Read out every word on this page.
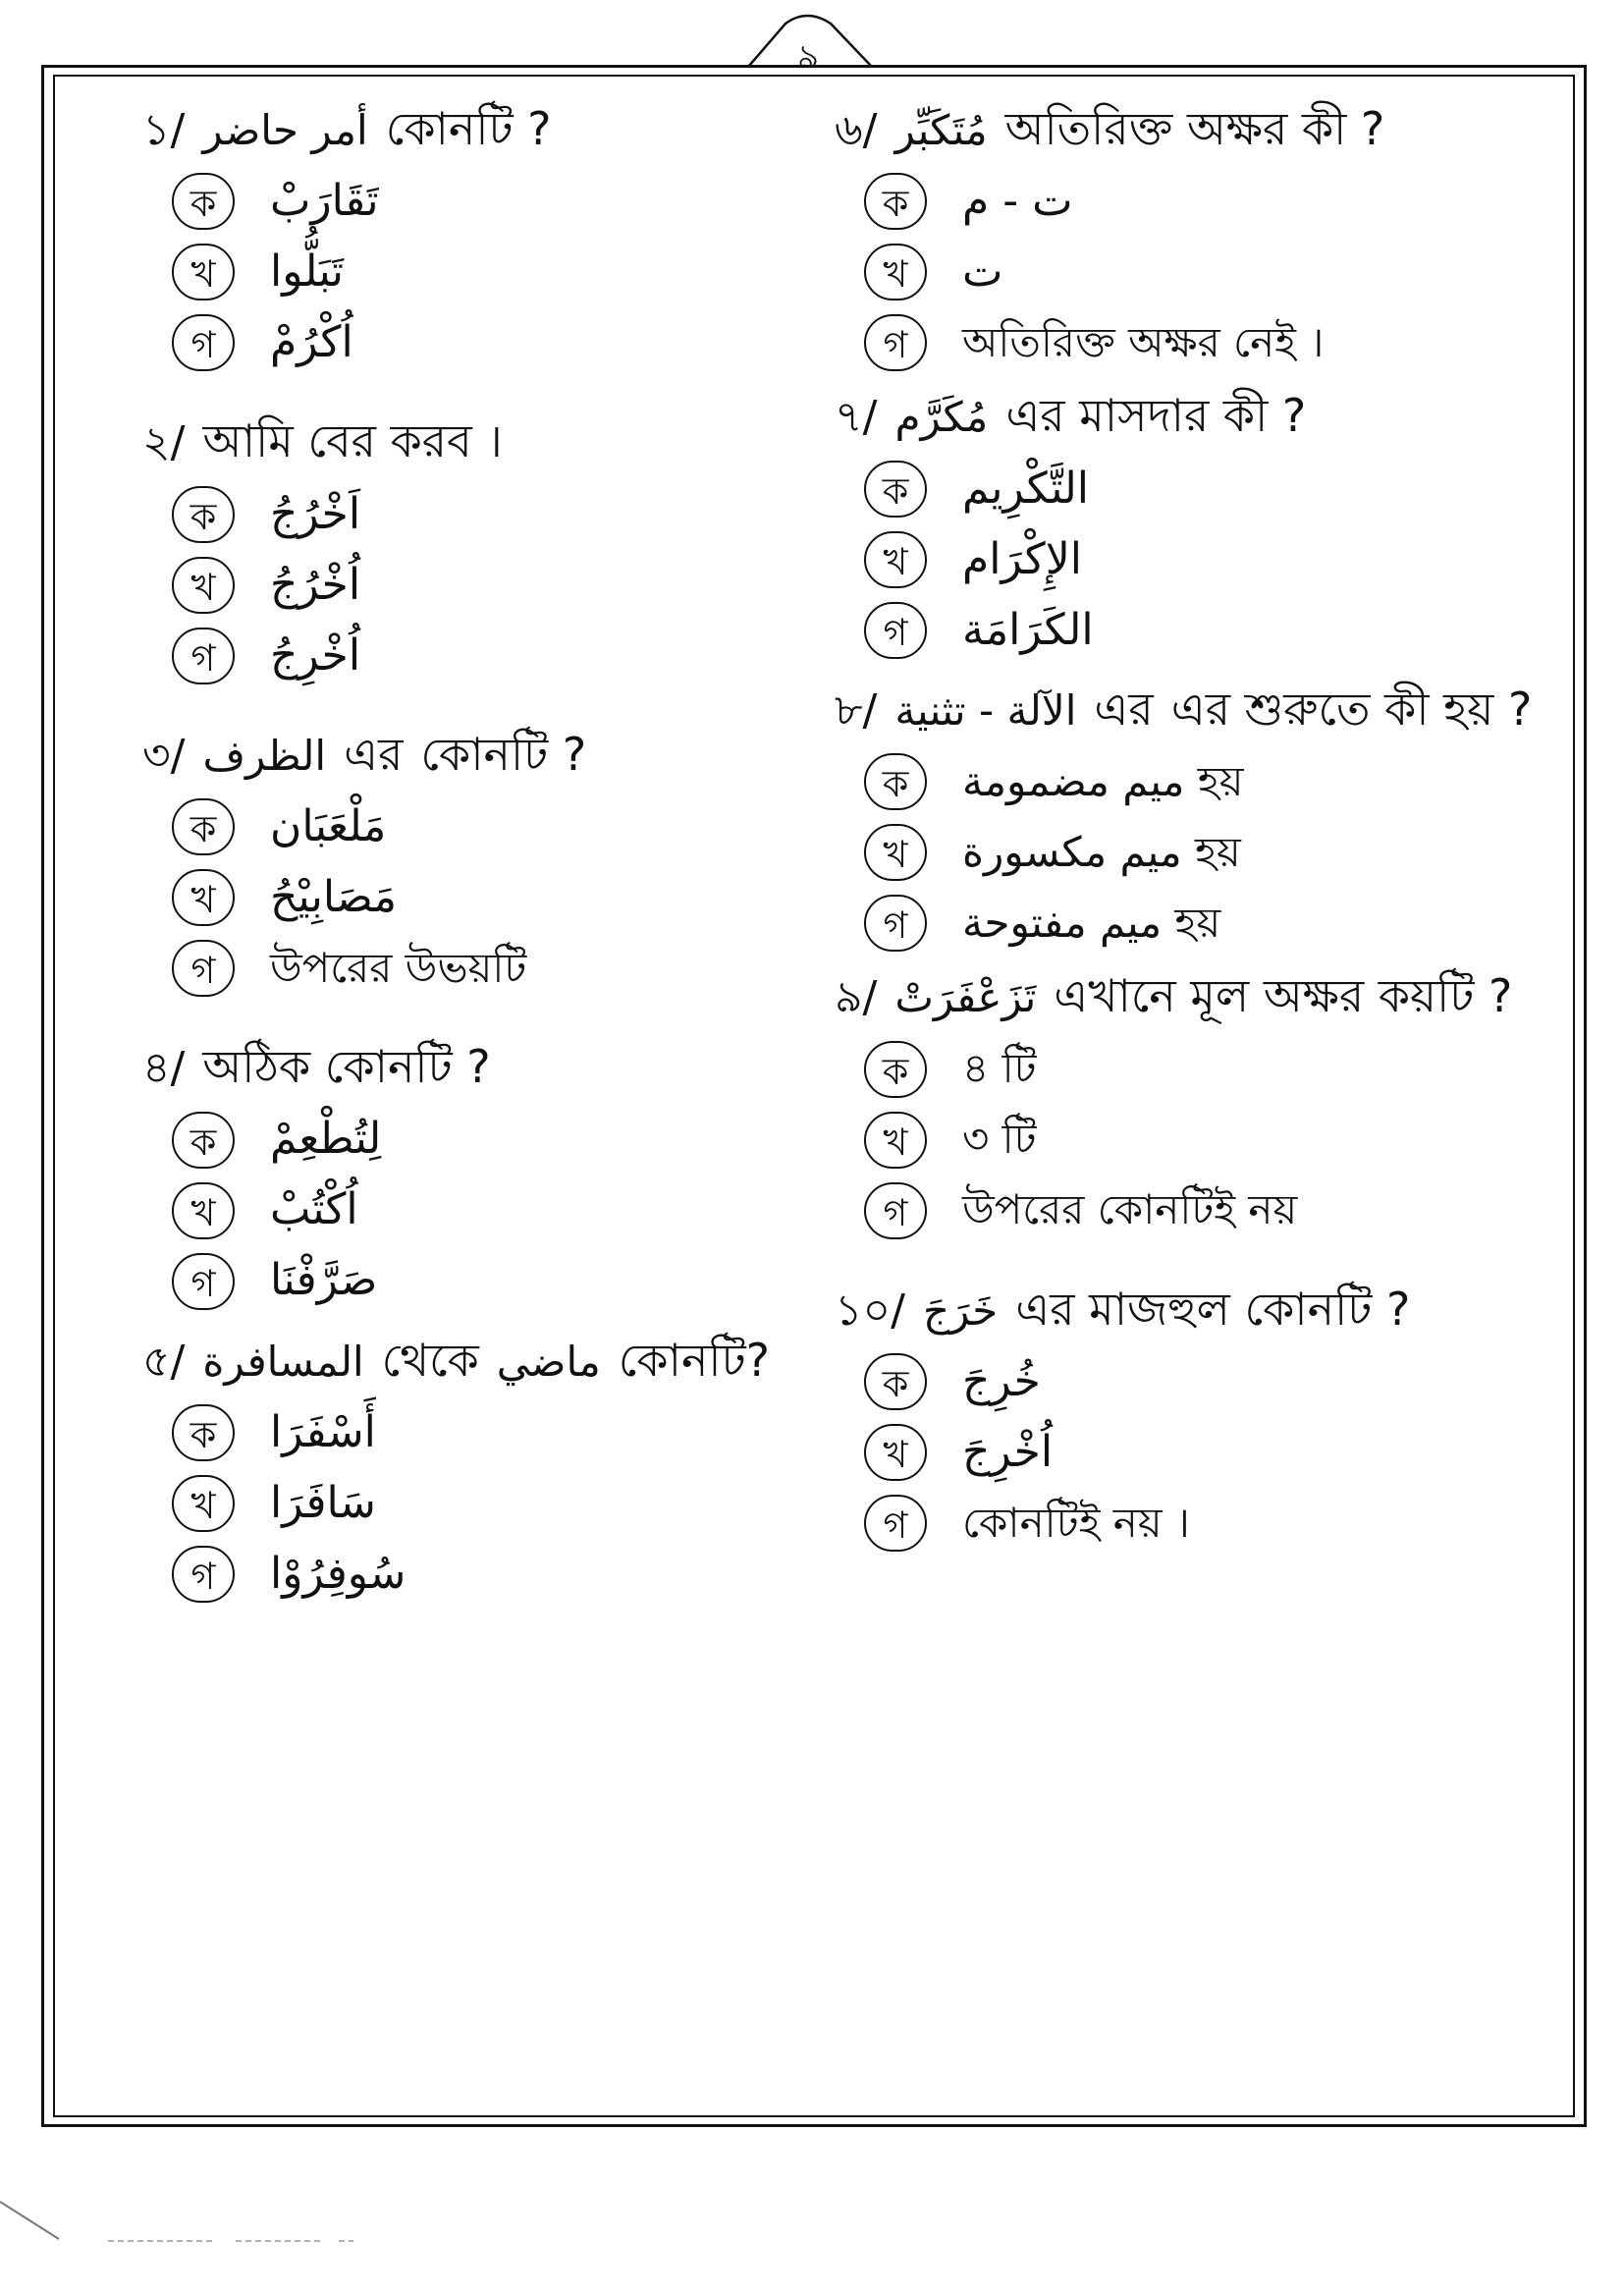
৯
১/ أمر حاضر কোনটি ?
ক	تَقَارَبْ
খ	تَبَلُّوا
গ	اُكْرُمْ
২/ আমি বের করব ।
ক	اَخْرُجُ
খ	اُخْرُجُ
গ	اُخْرِجُ
৩/ الظرف এর কোনটি ?
ক	مَلْعَبَان
খ	مَصَابِيْحُ
গ	উপরের উভয়টি
৪/ অঠিক কোনটি ?
ক	لِتُطْعِمْ
খ	اُكْتُبْ
গ	صَرَّفْنَا
৫/ المسافرة থেকে ماضي কোনটি?
ক	أَسْفَرَا
খ	سَافَرَا
গ	سُوفِرُوْا
৬/ مُتَكَبِّر অতিরিক্ত অক্ষর কী ?
ক	ت - م
খ	ت
গ	অতিরিক্ত অক্ষর নেই ।
৭/ مُكَرَّم এর মাসদার কী ?
ক	التَّكْرِيم
খ	الإِكْرَام
গ	الكَرَامَة
৮/ الآلة - تثنية এর এর শুরুতে কী হয় ?
ক	ميم مضمومة হয়
খ	ميم مكسورة হয়
গ	ميم مفتوحة হয়
৯/ تَزَعْفَرَتْ এখানে মূল অক্ষর কয়টি ?
ক	৪ টি
খ	৩ টি
গ	উপরের কোনটিই নয়
১০/ خَرَجَ এর মাজহুল কোনটি ?
ক	خُرِجَ
খ	اُخْرِجَ
গ	কোনটিই নয় ।
